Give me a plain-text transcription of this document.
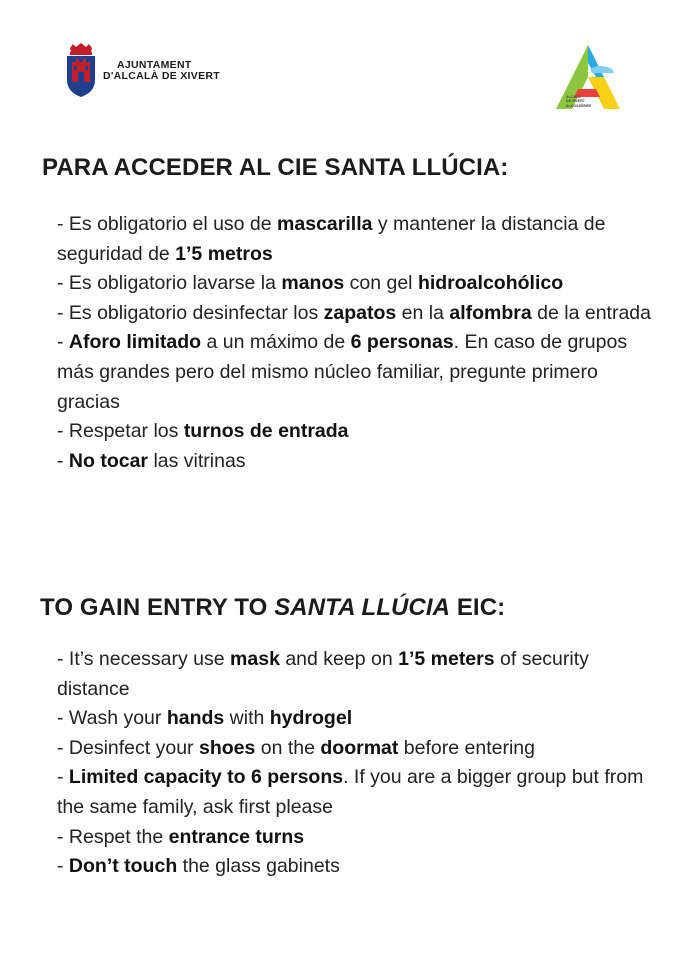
AJUNTAMENT
D'ALCALÀ DE XIVERT
ALCALÀ
DE XIVERT
ALCOSSEBRE
PARA ACCEDER AL CIE SANTA LLÚCIA:
- Es obligatorio el uso de mascarilla y mantener la distancia de seguridad de 1’5 metros
- Es obligatorio lavarse la manos con gel hidroalcohólico
- Es obligatorio desinfectar los zapatos en la alfombra de la entrada
- Aforo limitado a un máximo de 6 personas. En caso de grupos más grandes pero del mismo núcleo familiar, pregunte primero gracias
- Respetar los turnos de entrada
- No tocar las vitrinas
TO GAIN ENTRY TO SANTA LLÚCIA EIC:
- It’s necessary use mask and keep on 1’5 meters of security distance
- Wash your hands with hydrogel
- Desinfect your shoes on the doormat before entering
- Limited capacity to 6 persons. If you are a bigger group but from the same family, ask first please
- Respet the entrance turns
- Don’t touch the glass gabinets
